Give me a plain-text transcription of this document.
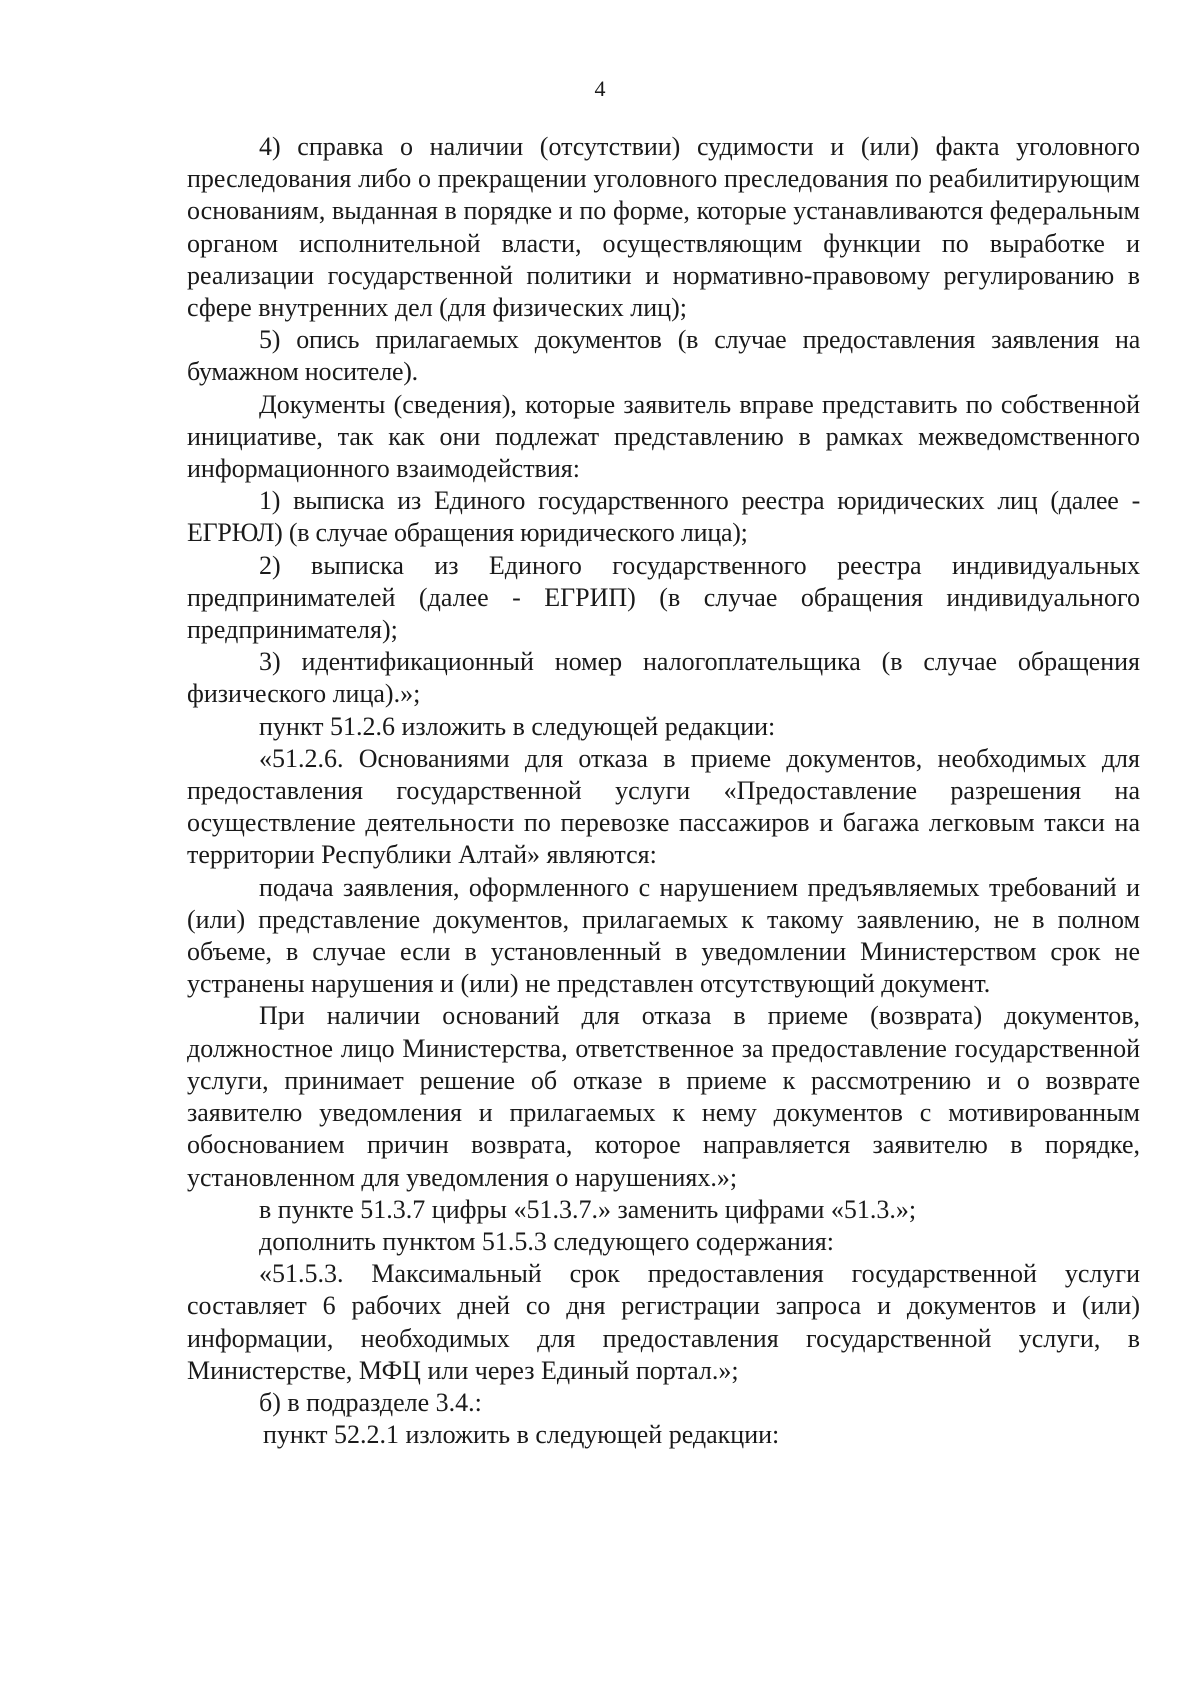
4

4) справка о наличии (отсутствии) судимости и (или) факта уголовного преследования либо о прекращении уголовного преследования по реабилитирующим основаниям, выданная в порядке и по форме, которые устанавливаются федеральным органом исполнительной власти, осуществляющим функции по выработке и реализации государственной политики и нормативно-правовому регулированию в сфере внутренних дел (для физических лиц);

5) опись прилагаемых документов (в случае предоставления заявления на бумажном носителе).

Документы (сведения), которые заявитель вправе представить по собственной инициативе, так как они подлежат представлению в рамках межведомственного информационного взаимодействия:

1) выписка из Единого государственного реестра юридических лиц (далее - ЕГРЮЛ) (в случае обращения юридического лица);

2) выписка из Единого государственного реестра индивидуальных предпринимателей (далее - ЕГРИП) (в случае обращения индивидуального предпринимателя);

3) идентификационный номер налогоплательщика (в случае обращения физического лица).»;

пункт 51.2.6 изложить в следующей редакции:

«51.2.6. Основаниями для отказа в приеме документов, необходимых для предоставления государственной услуги «Предоставление разрешения на осуществление деятельности по перевозке пассажиров и багажа легковым такси на территории Республики Алтай» являются:

подача заявления, оформленного с нарушением предъявляемых требований и (или) представление документов, прилагаемых к такому заявлению, не в полном объеме, в случае если в установленный в уведомлении Министерством срок не устранены нарушения и (или) не представлен отсутствующий документ.

При наличии оснований для отказа в приеме (возврата) документов, должностное лицо Министерства, ответственное за предоставление государственной услуги, принимает решение об отказе в приеме к рассмотрению и о возврате заявителю уведомления и прилагаемых к нему документов с мотивированным обоснованием причин возврата, которое направляется заявителю в порядке, установленном для уведомления о нарушениях.»;

в пункте 51.3.7 цифры «51.3.7.» заменить цифрами «51.3.»;

дополнить пунктом 51.5.3 следующего содержания:

«51.5.3. Максимальный срок предоставления государственной услуги составляет 6 рабочих дней со дня регистрации запроса и документов и (или) информации, необходимых для предоставления государственной услуги, в Министерстве, МФЦ или через Единый портал.»;

б) в подразделе 3.4.:

пункт 52.2.1 изложить в следующей редакции:
